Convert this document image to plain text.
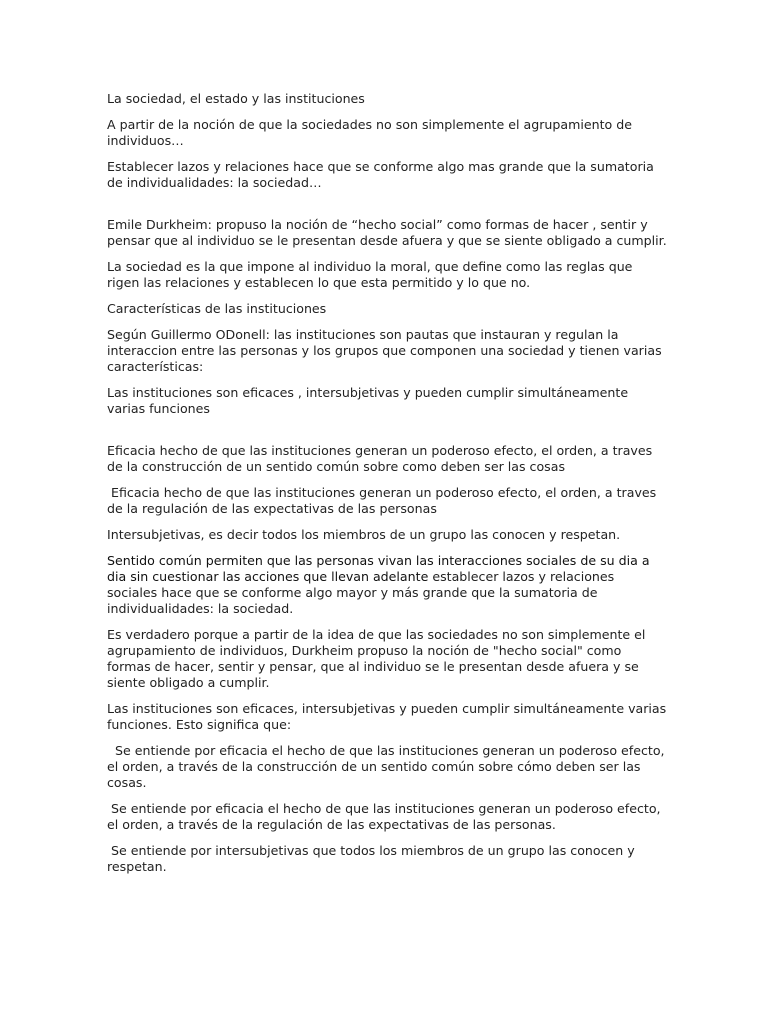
La sociedad, el estado y las instituciones

A partir de la noción de que la sociedades no son simplemente el agrupamiento de individuos…

Establecer lazos y relaciones hace que se conforme algo mas grande que la sumatoria de individualidades: la sociedad…

Emile Durkheim: propuso la noción de “hecho social” como formas de hacer , sentir y pensar que al individuo se le presentan desde afuera y que se siente obligado a cumplir.

La sociedad es la que impone al individuo la moral, que define como las reglas que rigen las relaciones y establecen lo que esta permitido y lo que no.

Características de las instituciones

Según Guillermo ODonell: las instituciones son pautas que instauran y regulan la interaccion entre las personas y los grupos que componen una sociedad y tienen varias características:

Las instituciones son eficaces , intersubjetivas y pueden cumplir simultáneamente varias funciones

Eficacia hecho de que las instituciones generan un poderoso efecto, el orden, a traves de la construcción de un sentido común sobre como deben ser las cosas

Eficacia hecho de que las instituciones generan un poderoso efecto, el orden, a traves de la regulación de las expectativas de las personas

Intersubjetivas, es decir todos los miembros de un grupo las conocen y respetan.

Sentido común permiten que las personas vivan las interacciones sociales de su dia a dia sin cuestionar las acciones que llevan adelante establecer lazos y relaciones sociales hace que se conforme algo mayor y más grande que la sumatoria de individualidades: la sociedad.

Es verdadero porque a partir de la idea de que las sociedades no son simplemente el agrupamiento de individuos, Durkheim propuso la noción de "hecho social" como formas de hacer, sentir y pensar, que al individuo se le presentan desde afuera y se siente obligado a cumplir.

Las instituciones son eficaces, intersubjetivas y pueden cumplir simultáneamente varias funciones. Esto significa que:

Se entiende por eficacia el hecho de que las instituciones generan un poderoso efecto, el orden, a través de la construcción de un sentido común sobre cómo deben ser las cosas.

Se entiende por eficacia el hecho de que las instituciones generan un poderoso efecto, el orden, a través de la regulación de las expectativas de las personas.

Se entiende por intersubjetivas que todos los miembros de un grupo las conocen y respetan.
